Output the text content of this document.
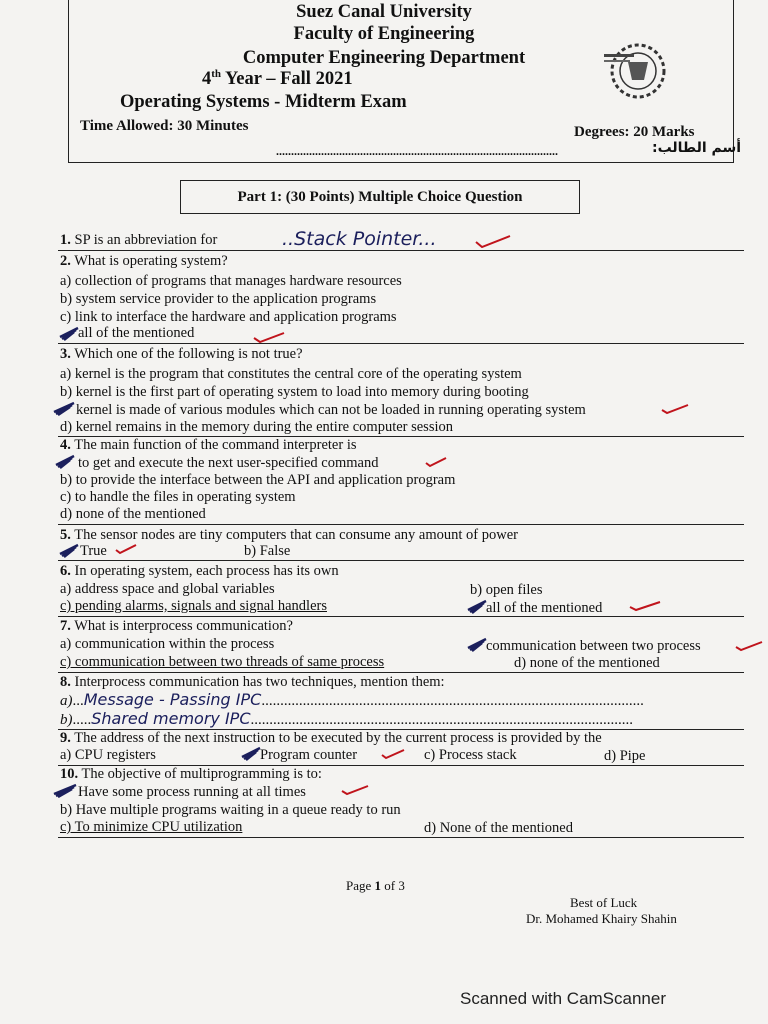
Suez Canal University
Faculty of Engineering
Computer Engineering Department
4th Year – Fall 2021
Operating Systems - Midterm Exam
Time Allowed: 30 Minutes	Degrees: 20 Marks
..............................................................................................	أسم الطالب:
Part 1: (30 Points) Multiple Choice Question
1. SP is an abbreviation for	..Stack Pointer...
2. What is operating system?
a) collection of programs that manages hardware resources
b) system service provider to the application programs
c) link to interface the hardware and application programs
all of the mentioned
3. Which one of the following is not true?
a) kernel is the program that constitutes the central core of the operating system
b) kernel is the first part of operating system to load into memory during booting
kernel is made of various modules which can not be loaded in running operating system
d) kernel remains in the memory during the entire computer session
4. The main function of the command interpreter is
to get and execute the next user-specified command
b) to provide the interface between the API and application program
c) to handle the files in operating system
d) none of the mentioned
5. The sensor nodes are tiny computers that can consume any amount of power
True	b) False
6. In operating system, each process has its own
a) address space and global variables	b) open files
c) pending alarms, signals and signal handlers	all of the mentioned
7. What is interprocess communication?
a) communication within the process	communication between two process
c) communication between two threads of same process	d) none of the mentioned
8. Interprocess communication has two techniques, mention them:
a)...Message - Passing IPC......................................................................................................
b).....Shared memory IPC......................................................................................................
9. The address of the next instruction to be executed by the current process is provided by the
a) CPU registers	Program counter	c) Process stack	d) Pipe
10. The objective of multiprogramming is to:
Have some process running at all times
b) Have multiple programs waiting in a queue ready to run
c) To minimize CPU utilization	d) None of the mentioned
Page 1 of 3
Best of Luck
Dr. Mohamed Khairy Shahin
Scanned with CamScanner
